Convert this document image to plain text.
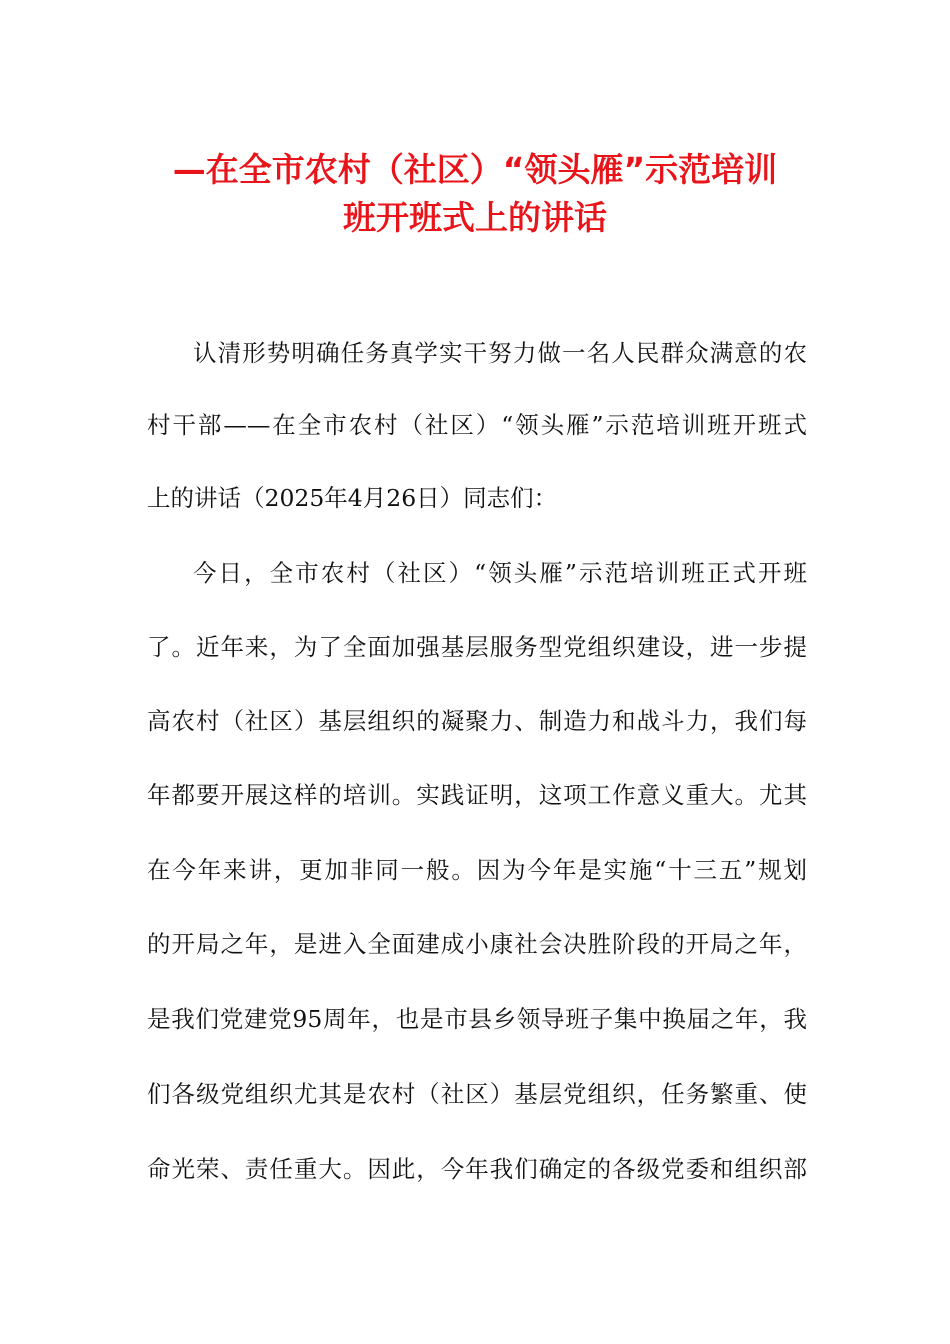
—在全市农村（社区）“领头雁”示范培训
班开班式上的讲话

认清形势明确任务真学实干努力做一名人民群众满意的农

村干部——在全市农村（社区）“领头雁”示范培训班开班式

上的讲话（2025年4月26日）同志们：

今日，全市农村（社区）“领头雁”示范培训班正式开班

了。近年来，为了全面加强基层服务型党组织建设，进一步提

高农村（社区）基层组织的凝聚力、制造力和战斗力，我们每

年都要开展这样的培训。实践证明，这项工作意义重大。尤其

在今年来讲，更加非同一般。因为今年是实施“十三五”规划

的开局之年，是进入全面建成小康社会决胜阶段的开局之年，

是我们党建党95周年，也是市县乡领导班子集中换届之年，我

们各级党组织尤其是农村（社区）基层党组织，任务繁重、使

命光荣、责任重大。因此，今年我们确定的各级党委和组织部
